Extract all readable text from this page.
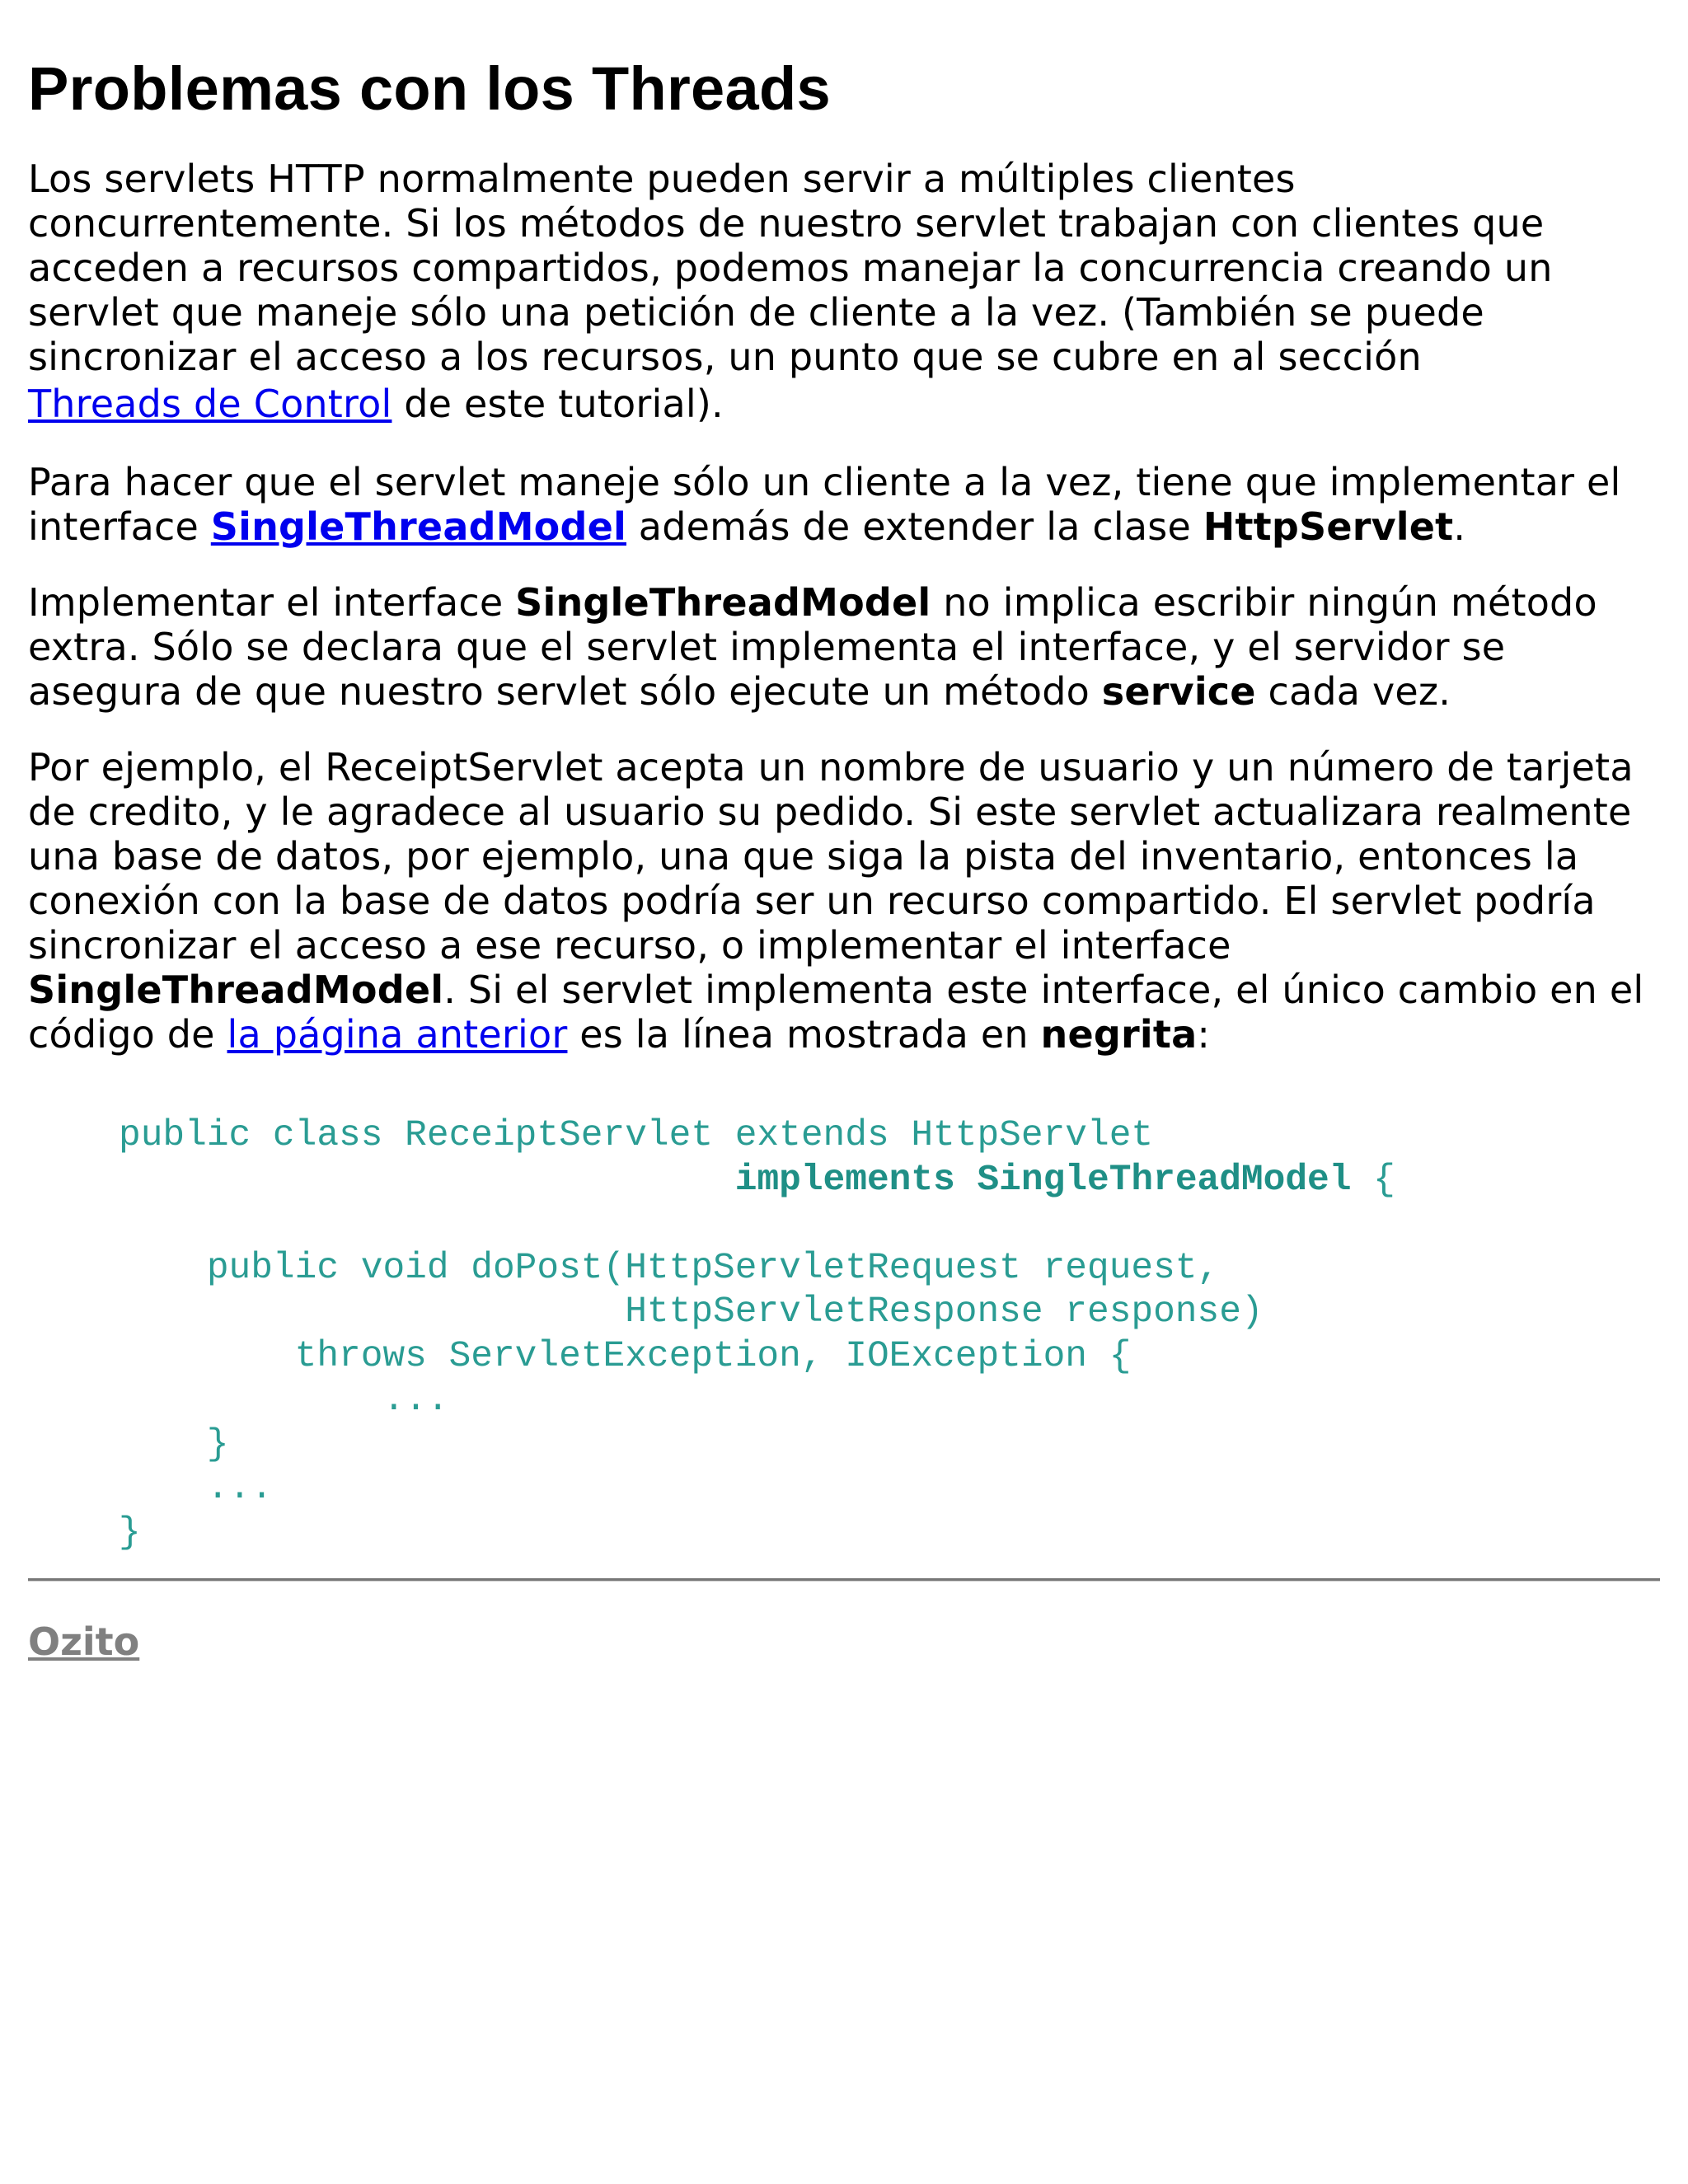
Problemas con los Threads

Los servlets HTTP normalmente pueden servir a múltiples clientes concurrentemente. Si los métodos de nuestro servlet trabajan con clientes que acceden a recursos compartidos, podemos manejar la concurrencia creando un servlet que maneje sólo una petición de cliente a la vez. (También se puede sincronizar el acceso a los recursos, un punto que se cubre en al sección Threads de Control de este tutorial).

Para hacer que el servlet maneje sólo un cliente a la vez, tiene que implementar el interface SingleThreadModel además de extender la clase HttpServlet.

Implementar el interface SingleThreadModel no implica escribir ningún método extra. Sólo se declara que el servlet implementa el interface, y el servidor se asegura de que nuestro servlet sólo ejecute un método service cada vez.

Por ejemplo, el ReceiptServlet acepta un nombre de usuario y un número de tarjeta de credito, y le agradece al usuario su pedido. Si este servlet actualizara realmente una base de datos, por ejemplo, una que siga la pista del inventario, entonces la conexión con la base de datos podría ser un recurso compartido. El servlet podría sincronizar el acceso a ese recurso, o implementar el interface SingleThreadModel. Si el servlet implementa este interface, el único cambio en el código de la página anterior es la línea mostrada en negrita:

public class ReceiptServlet extends HttpServlet
implements SingleThreadModel {

public void doPost(HttpServletRequest request,
HttpServletResponse response)
throws ServletException, IOException {
...
}
...
}
Ozito
